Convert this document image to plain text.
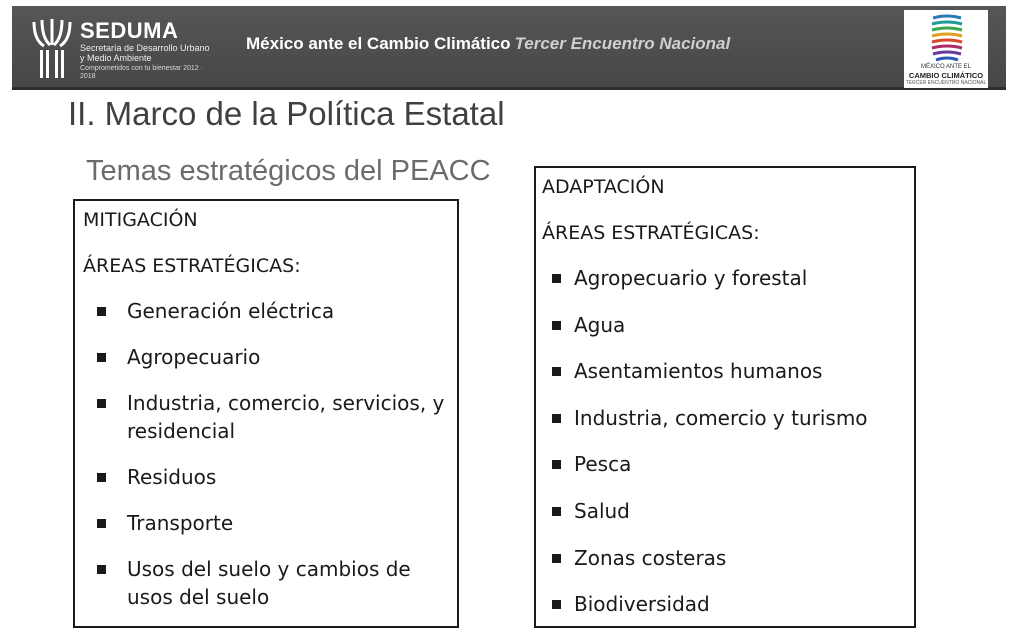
SEDUMA
Secretaría de Desarrollo Urbano y Medio Ambiente
Comprometidos con tu bienestar 2012 · 2018
México ante el Cambio Climático Tercer Encuentro Nacional
MÉXICO ANTE EL
CAMBIO CLIMÁTICO
TERCER ENCUENTRO NACIONAL
II. Marco de la Política Estatal
Temas estratégicos del PEACC
MITIGACIÓN
ÁREAS ESTRATÉGICAS:
Generación eléctrica
Agropecuario
Industria, comercio, servicios, y residencial
Residuos
Transporte
Usos del suelo y cambios de usos del suelo
ADAPTACIÓN
ÁREAS ESTRATÉGICAS:
Agropecuario y forestal
Agua
Asentamientos humanos
Industria, comercio y turismo
Pesca
Salud
Zonas costeras
Biodiversidad
